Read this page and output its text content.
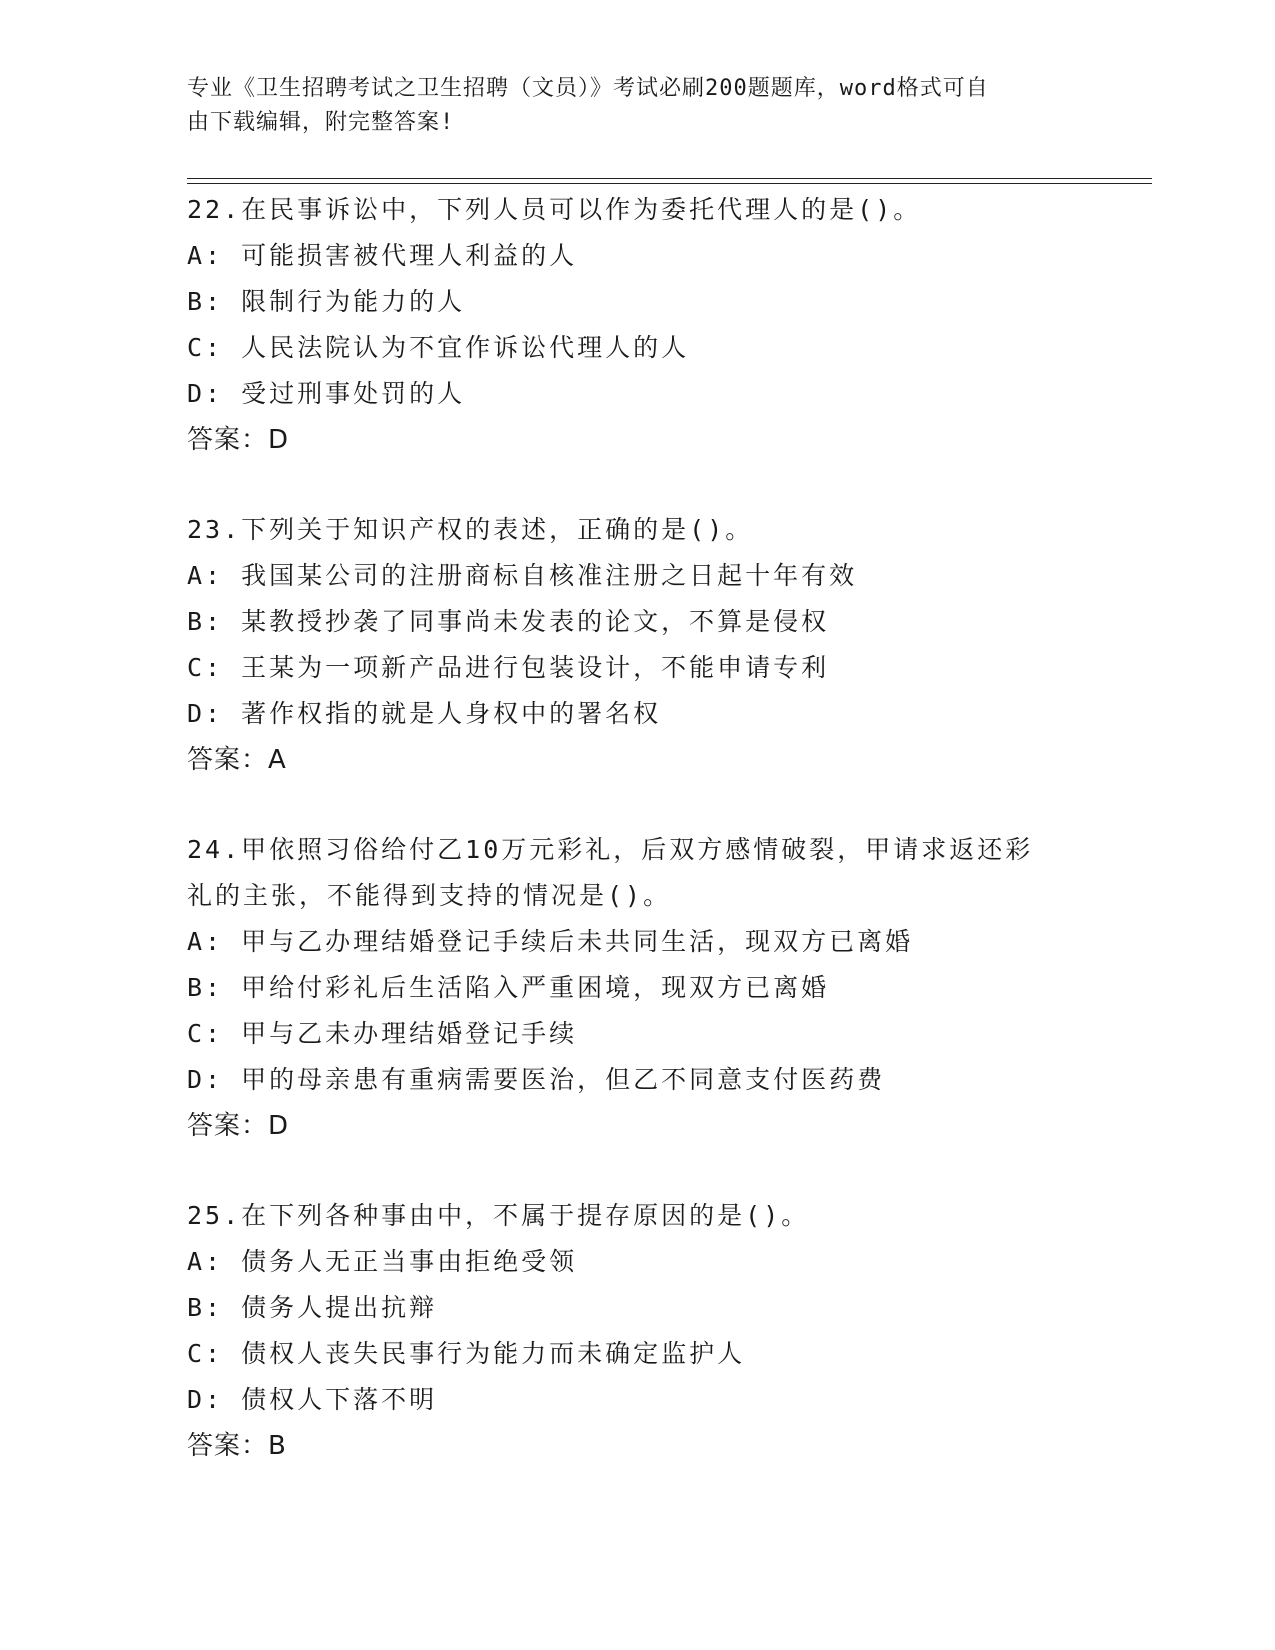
专业《卫生招聘考试之卫生招聘（文员）》考试必刷200题题库，word格式可自
由下载编辑，附完整答案!
22.在民事诉讼中，下列人员可以作为委托代理人的是()。
A: 可能损害被代理人利益的人
B: 限制行为能力的人
C: 人民法院认为不宜作诉讼代理人的人
D: 受过刑事处罚的人
答案：D
23.下列关于知识产权的表述，正确的是()。
A: 我国某公司的注册商标自核准注册之日起十年有效
B: 某教授抄袭了同事尚未发表的论文，不算是侵权
C: 王某为一项新产品进行包装设计，不能申请专利
D: 著作权指的就是人身权中的署名权
答案：A
24.甲依照习俗给付乙10万元彩礼，后双方感情破裂，甲请求返还彩
礼的主张，不能得到支持的情况是()。
A: 甲与乙办理结婚登记手续后未共同生活，现双方已离婚
B: 甲给付彩礼后生活陷入严重困境，现双方已离婚
C: 甲与乙未办理结婚登记手续
D: 甲的母亲患有重病需要医治，但乙不同意支付医药费
答案：D
25.在下列各种事由中，不属于提存原因的是()。
A: 债务人无正当事由拒绝受领
B: 债务人提出抗辩
C: 债权人丧失民事行为能力而未确定监护人
D: 债权人下落不明
答案：B
